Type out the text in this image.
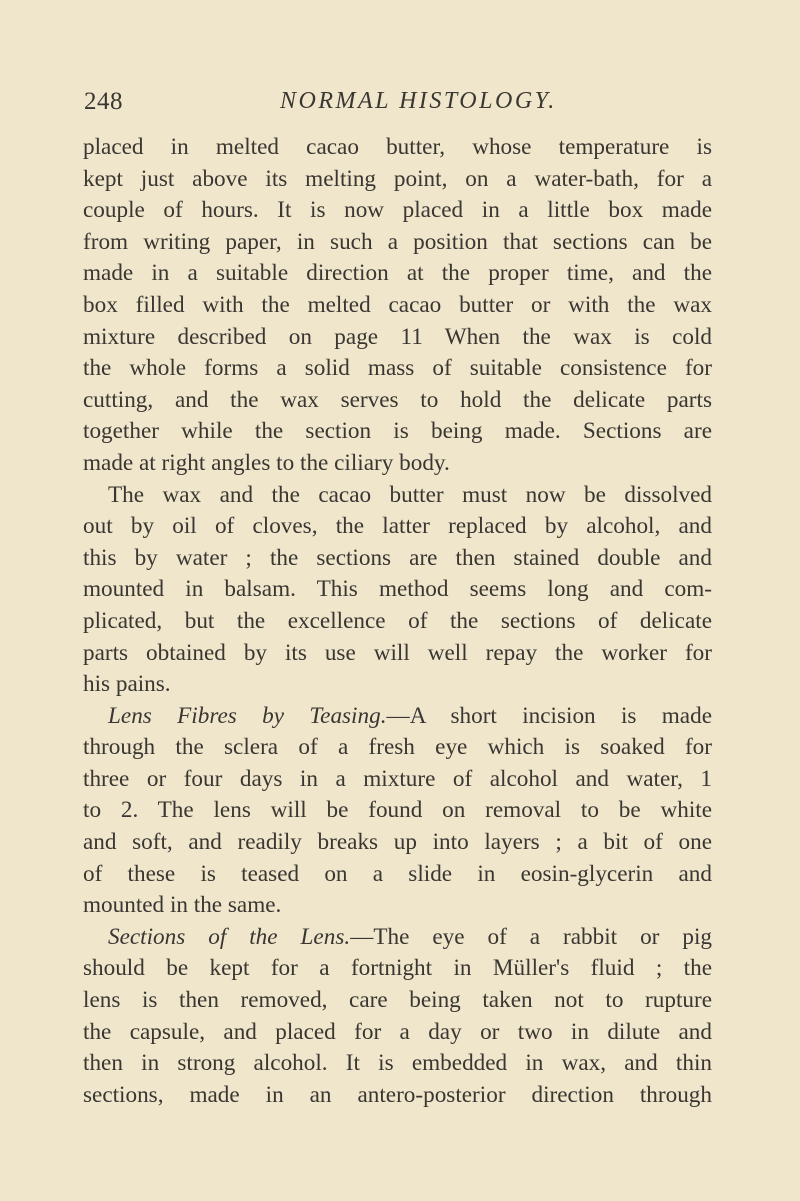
248	NORMAL HISTOLOGY.
placed in melted cacao butter, whose temperature is
kept just above its melting point, on a water-bath, for a
couple of hours. It is now placed in a little box made
from writing paper, in such a position that sections can be
made in a suitable direction at the proper time, and the
box filled with the melted cacao butter or with the wax
mixture described on page 11 When the wax is cold
the whole forms a solid mass of suitable consistence for
cutting, and the wax serves to hold the delicate parts
together while the section is being made. Sections are
made at right angles to the ciliary body.
The wax and the cacao butter must now be dissolved
out by oil of cloves, the latter replaced by alcohol, and
this by water ; the sections are then stained double and
mounted in balsam. This method seems long and com-
plicated, but the excellence of the sections of delicate
parts obtained by its use will well repay the worker for
his pains.
Lens Fibres by Teasing.—A short incision is made
through the sclera of a fresh eye which is soaked for
three or four days in a mixture of alcohol and water, 1
to 2. The lens will be found on removal to be white
and soft, and readily breaks up into layers ; a bit of one
of these is teased on a slide in eosin-glycerin and
mounted in the same.
Sections of the Lens.—The eye of a rabbit or pig
should be kept for a fortnight in Müller's fluid ; the
lens is then removed, care being taken not to rupture
the capsule, and placed for a day or two in dilute and
then in strong alcohol. It is embedded in wax, and thin
sections, made in an antero-posterior direction through
